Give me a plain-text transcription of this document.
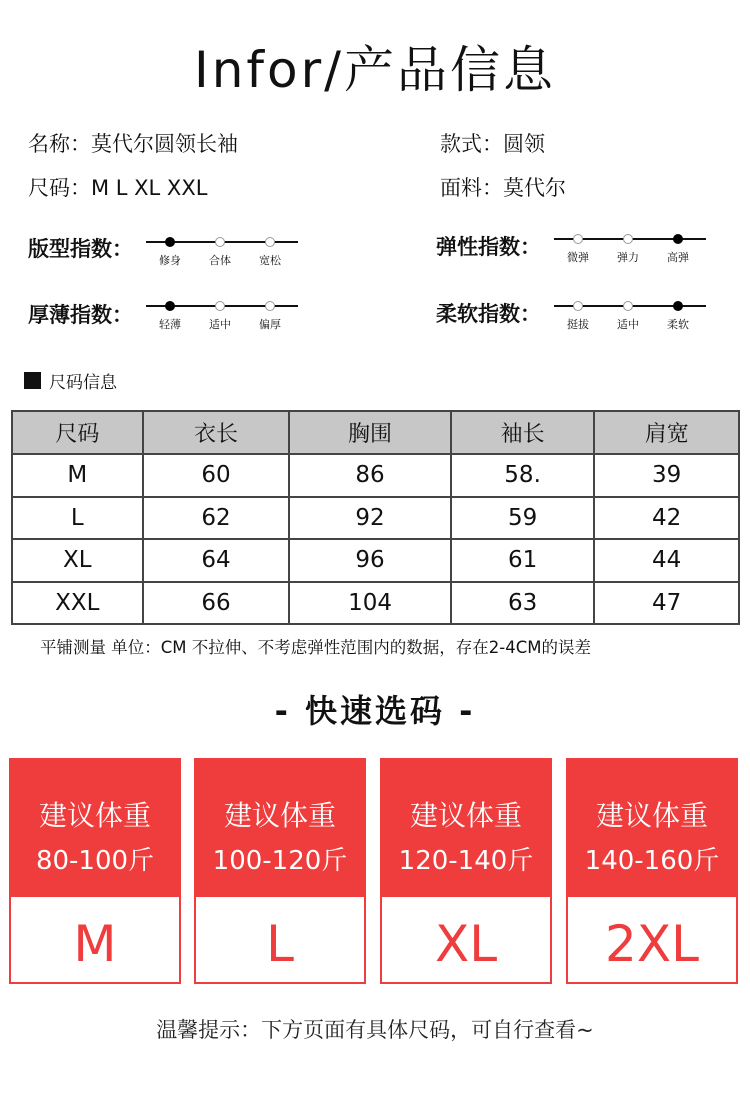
Infor/产品信息
名称：莫代尔圆领长袖	款式：圆领
尺码：M L XL XXL	面料：莫代尔
版型指数： 修身	合体	宽松
弹性指数： 微弹	弹力	高弹
厚薄指数： 轻薄	适中	偏厚	柔软指数： 挺拔	适中	柔软
尺码信息
尺码	衣长	胸围	袖长	肩宽
M	60	86	58.	39
L	62	92	59	42
XL	64	96	61	44
XXL	66	104	63	47
平铺测量 单位：CM 不拉伸、不考虑弹性范围内的数据，存在2-4CM的误差
- 快速选码 -
建议体重
80-100斤
M
建议体重
100-120斤
L
建议体重
120-140斤
XL
建议体重
140-160斤
2XL
温馨提示：下方页面有具体尺码，可自行查看~
